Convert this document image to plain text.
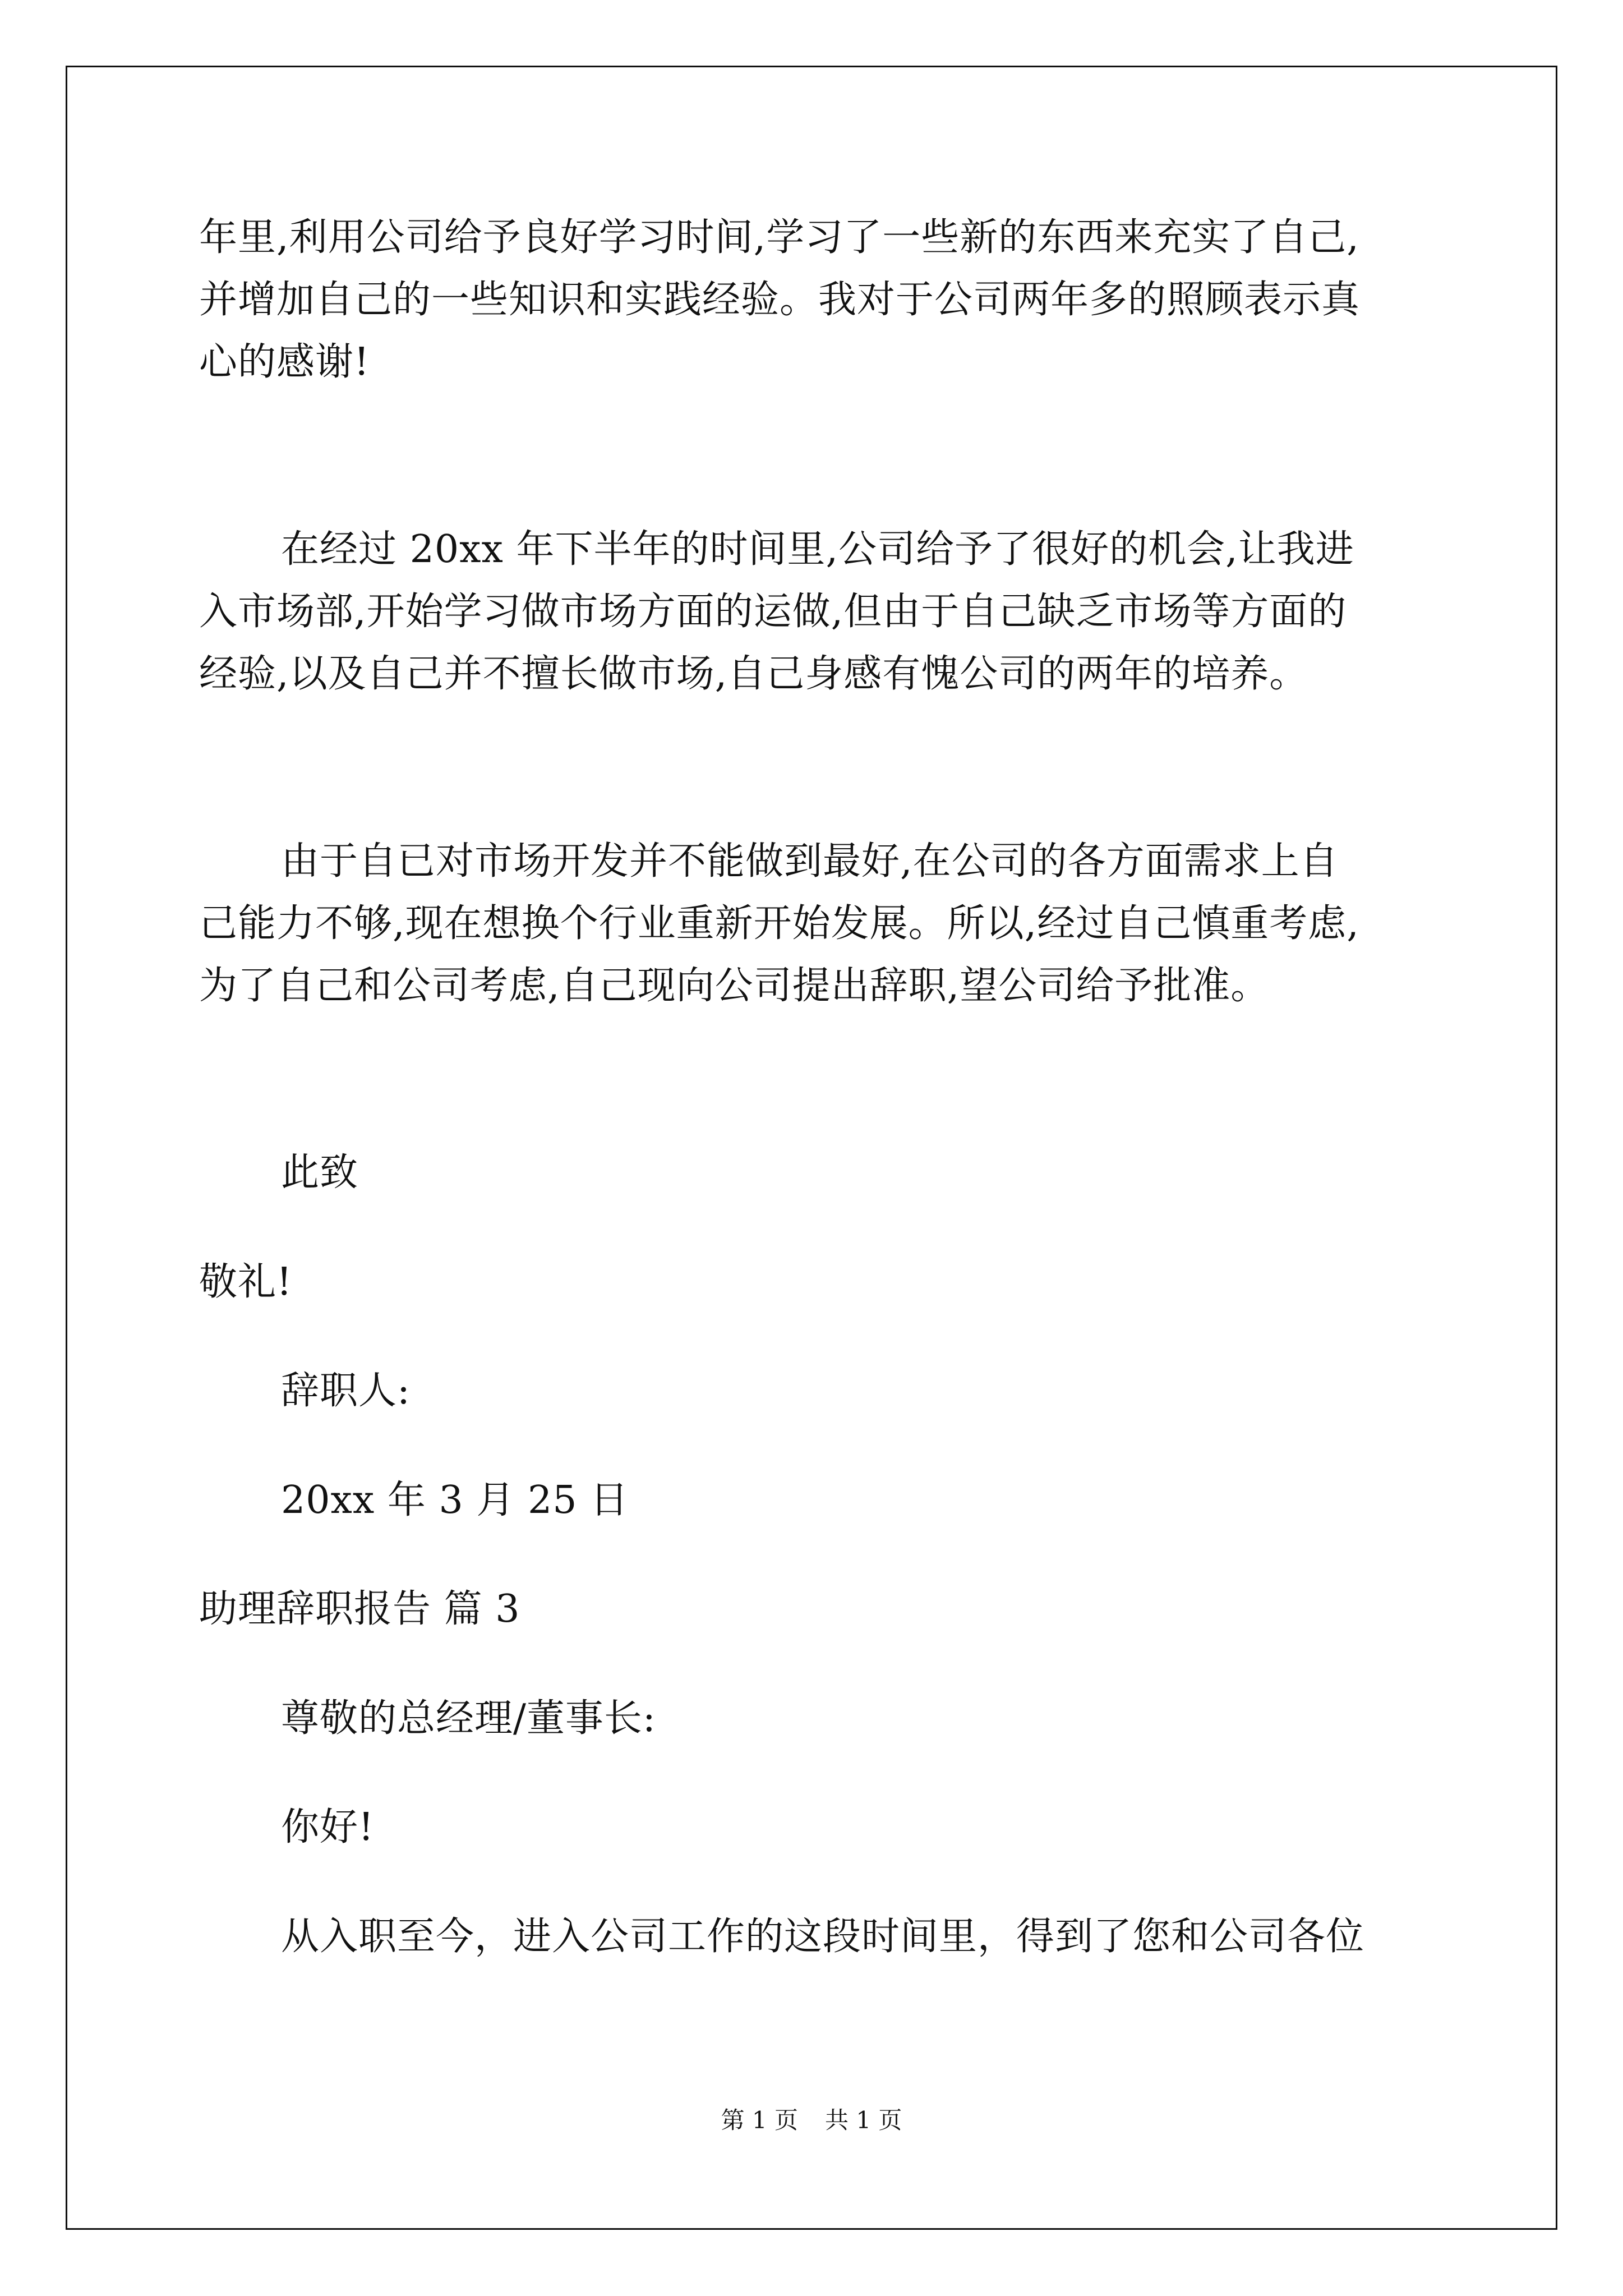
年里,利用公司给予良好学习时间,学习了一些新的东西来充实了自己,
并增加自己的一些知识和实践经验。我对于公司两年多的照顾表示真
心的感谢!
在经过 20xx 年下半年的时间里,公司给予了很好的机会,让我进
入市场部,开始学习做市场方面的运做,但由于自己缺乏市场等方面的
经验,以及自己并不擅长做市场,自己身感有愧公司的两年的培养。
由于自已对市场开发并不能做到最好,在公司的各方面需求上自
己能力不够,现在想换个行业重新开始发展。所以,经过自己慎重考虑,
为了自己和公司考虑,自己现向公司提出辞职,望公司给予批准。
此致
敬礼!
辞职人:
20xx 年 3 月 25 日
助理辞职报告 篇 3
尊敬的总经理/董事长:
你好!
从入职至今，进入公司工作的这段时间里，得到了您和公司各位
第 1 页 共 1 页
